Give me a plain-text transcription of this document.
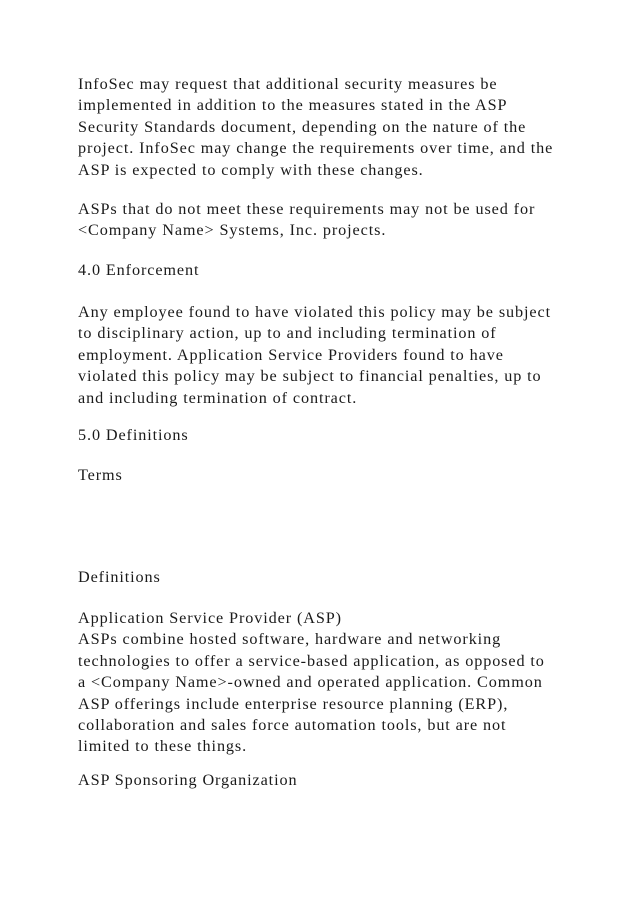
InfoSec may request that additional security measures be
implemented in addition to the measures stated in the ASP
Security Standards document, depending on the nature of the
project. InfoSec may change the requirements over time, and the
ASP is expected to comply with these changes.
ASPs that do not meet these requirements may not be used for
<Company Name> Systems, Inc. projects.
4.0 Enforcement
Any employee found to have violated this policy may be subject
to disciplinary action, up to and including termination of
employment. Application Service Providers found to have
violated this policy may be subject to financial penalties, up to
and including termination of contract.
5.0 Definitions
Terms
Definitions
Application Service Provider (ASP)
ASPs combine hosted software, hardware and networking
technologies to offer a service-based application, as opposed to
a <Company Name>-owned and operated application. Common
ASP offerings include enterprise resource planning (ERP),
collaboration and sales force automation tools, but are not
limited to these things.
ASP Sponsoring Organization
